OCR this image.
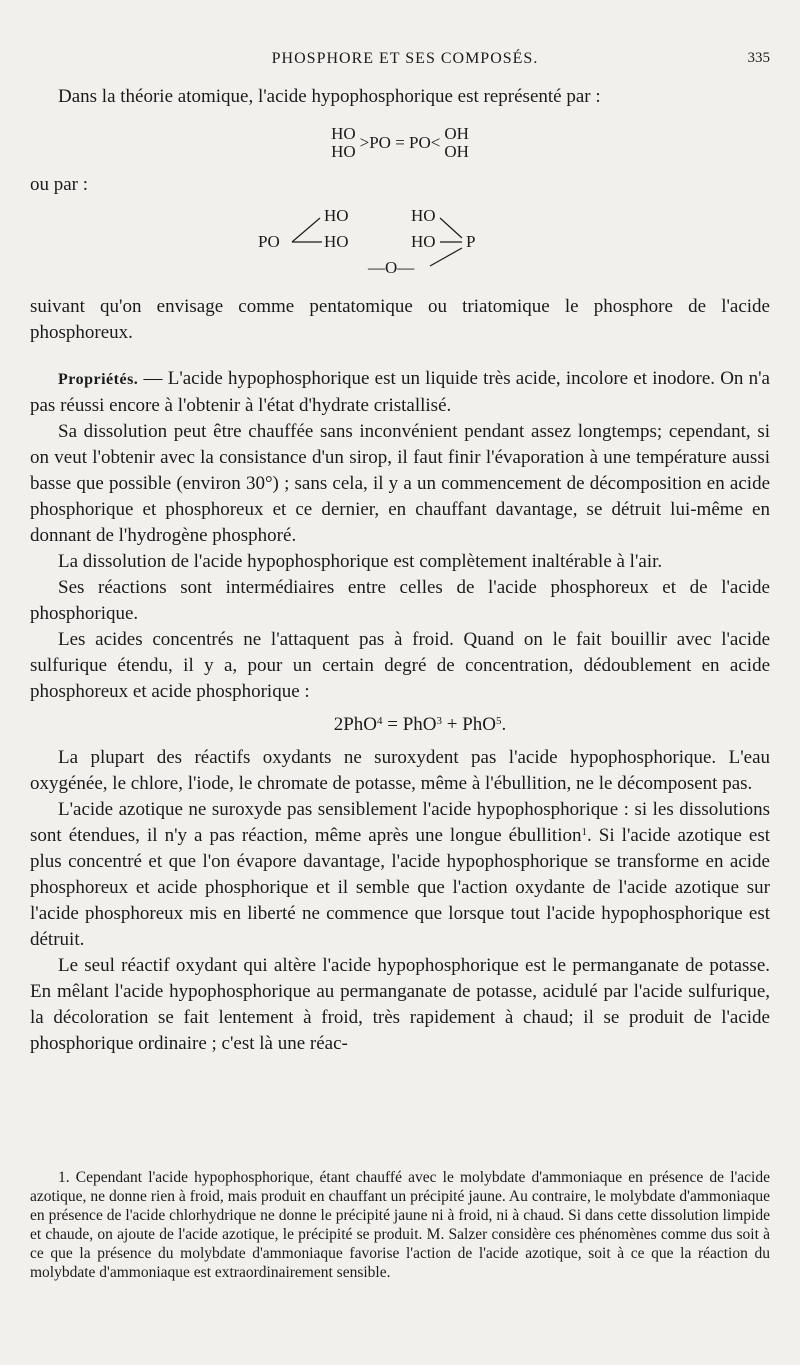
PHOSPHORE ET SES COMPOSÉS.	335

Dans la théorie atomique, l'acide hypophosphorique est représenté par :

HO
HO >PO = PO< OH
OH

ou par :

PO
HO
HO
HO
HO P
—O—

suivant qu'on envisage comme pentatomique ou triatomique le phosphore de l'acide phosphoreux.

Propriétés. — L'acide hypophosphorique est un liquide très acide, incolore et inodore. On n'a pas réussi encore à l'obtenir à l'état d'hydrate cristallisé.

Sa dissolution peut être chauffée sans inconvénient pendant assez longtemps; cependant, si on veut l'obtenir avec la consistance d'un sirop, il faut finir l'évaporation à une température aussi basse que possible (environ 30°) ; sans cela, il y a un commencement de décomposition en acide phosphorique et phosphoreux et ce dernier, en chauffant davantage, se détruit lui-même en donnant de l'hydrogène phosphoré.

La dissolution de l'acide hypophosphorique est complètement inaltérable à l'air.

Ses réactions sont intermédiaires entre celles de l'acide phosphoreux et de l'acide phosphorique.

Les acides concentrés ne l'attaquent pas à froid. Quand on le fait bouillir avec l'acide sulfurique étendu, il y a, pour un certain degré de concentration, dédoublement en acide phosphoreux et acide phosphorique :

2PhO$^4$ = PhO$^3$ + PhO$^5$.

La plupart des réactifs oxydants ne suroxydent pas l'acide hypophosphorique. L'eau oxygénée, le chlore, l'iode, le chromate de potasse, même à l'ébullition, ne le décomposent pas.

L'acide azotique ne suroxyde pas sensiblement l'acide hypophosphorique : si les dissolutions sont étendues, il n'y a pas réaction, même après une longue ébullition$^1$. Si l'acide azotique est plus concentré et que l'on évapore davantage, l'acide hypophosphorique se transforme en acide phosphoreux et acide phosphorique et il semble que l'action oxydante de l'acide azotique sur l'acide phosphoreux mis en liberté ne commence que lorsque tout l'acide hypophosphorique est détruit.

Le seul réactif oxydant qui altère l'acide hypophosphorique est le permanganate de potasse. En mêlant l'acide hypophosphorique au permanganate de potasse, acidulé par l'acide sulfurique, la décoloration se fait lentement à froid, très rapidement à chaud; il se produit de l'acide phosphorique ordinaire ; c'est là une réac-

1. Cependant l'acide hypophosphorique, étant chauffé avec le molybdate d'ammoniaque en présence de l'acide azotique, ne donne rien à froid, mais produit en chauffant un précipité jaune. Au contraire, le molybdate d'ammoniaque en présence de l'acide chlorhydrique ne donne le précipité jaune ni à froid, ni à chaud. Si dans cette dissolution limpide et chaude, on ajoute de l'acide azotique, le précipité se produit. M. Salzer considère ces phénomènes comme dus soit à ce que la présence du molybdate d'ammoniaque favorise l'action de l'acide azotique, soit à ce que la réaction du molybdate d'ammoniaque est extraordinairement sensible.
